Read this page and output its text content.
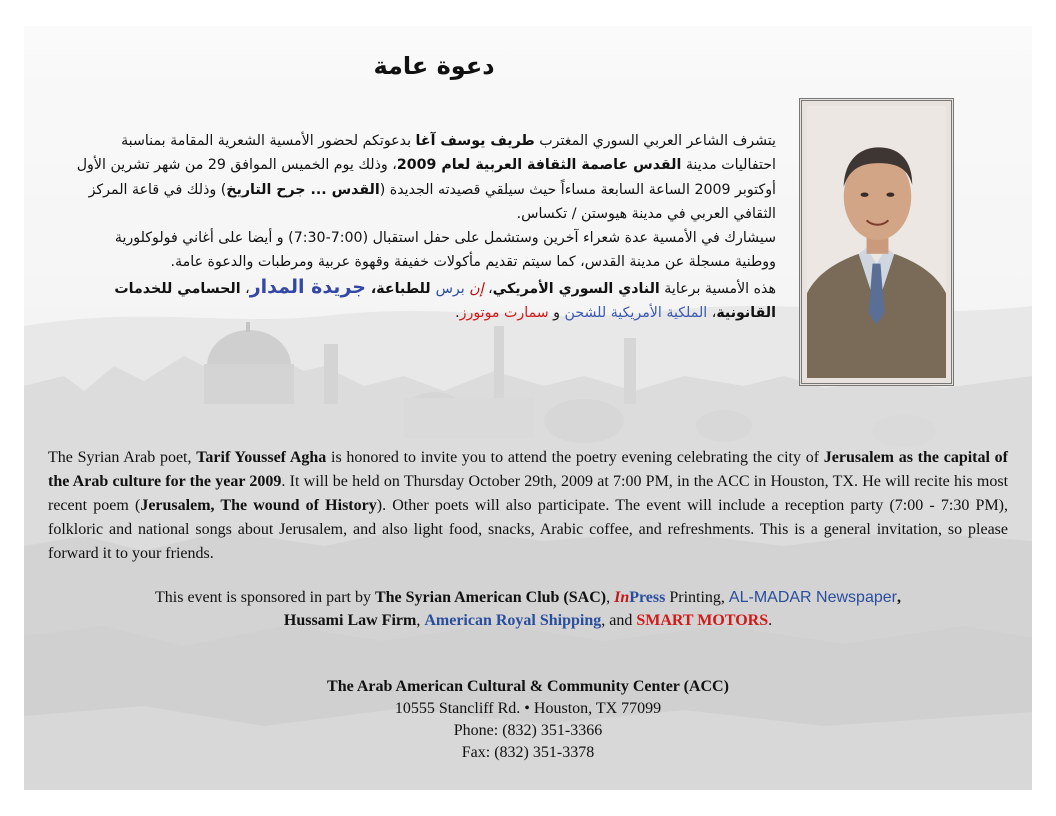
دعوة عامة

يتشرف الشاعر العربي السوري المغترب طريف يوسف آغا بدعوتكم لحضور الأمسية الشعرية المقامة بمناسبة احتفاليات مدينة القدس عاصمة الثقافة العربية لعام 2009، وذلك يوم الخميس الموافق 29 من شهر تشرين الأول أوكتوبر 2009 الساعة السابعة مساءاً حيث سيلقي قصيدته الجديدة (القدس ... جرح التاريخ) وذلك في قاعة المركز الثقافي العربي في مدينة هيوستن / تكساس.

سيشارك في الأمسية عدة شعراء آخرين وستشمل على حفل استقبال (7:00-7:30) و أيضا على أغاني فولوكلورية ووطنية مسجلة عن مدينة القدس، كما سيتم تقديم مأكولات خفيفة وقهوة عربية ومرطبات والدعوة عامة.

هذه الأمسية برعاية النادي السوري الأمريكي، إن برس للطباعة، جريدة المدار، الحسامي للخدمات القانونية، الملكية الأمريكية للشحن و سمارت موتورز.

The Syrian Arab poet, Tarif Youssef Agha is honored to invite you to attend the poetry evening celebrating the city of Jerusalem as the capital of the Arab culture for the year 2009. It will be held on Thursday October 29th, 2009 at 7:00 PM, in the ACC in Houston, TX. He will recite his most recent poem (Jerusalem, The wound of History). Other poets will also participate. The event will include a reception party (7:00 - 7:30 PM), folkloric and national songs about Jerusalem, and also light food, snacks, Arabic coffee, and refreshments. This is a general invitation, so please forward it to your friends.

This event is sponsored in part by The Syrian American Club (SAC), InPress Printing, AL-MADAR Newspaper,
Hussami Law Firm, American Royal Shipping, and SMART MOTORS.

The Arab American Cultural & Community Center (ACC)
10555 Stancliff Rd. • Houston, TX 77099
Phone: (832) 351-3366
Fax: (832) 351-3378
